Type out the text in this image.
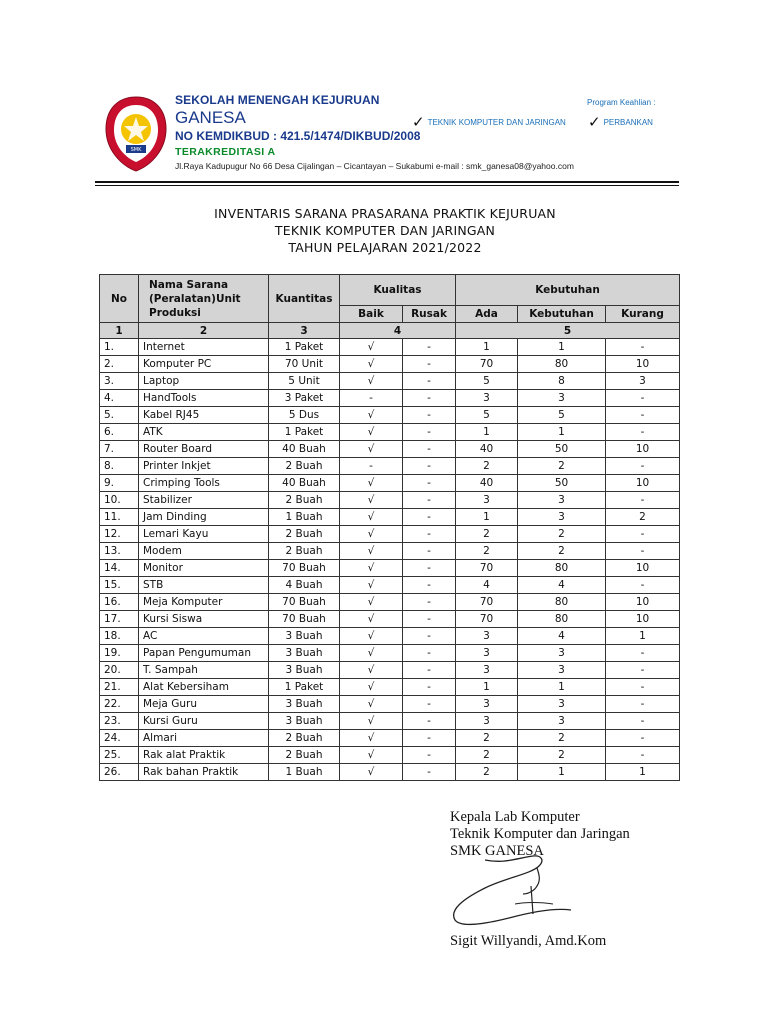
SMK
SEKOLAH MENENGAH KEJURUAN
GANESA
NO KEMDIKBUD : 421.5/1474/DIKBUD/2008
TERAKREDITASI A
Jl.Raya Kadupugur No 66 Desa Cijalingan – Cicantayan – Sukabumi e-mail : smk_ganesa08@yahoo.com
Program Keahlian :
✓ TEKNIK KOMPUTER DAN JARINGAN ✓ PERBANKAN
INVENTARIS SARANA PRASARANA PRAKTIK KEJURUAN
TEKNIK KOMPUTER DAN JARINGAN
TAHUN PELAJARAN 2021/2022
No	Nama Sarana (Peralatan)Unit Produksi	Kuantitas	Kualitas		Kebutuhan		
			Baik	Rusak	Ada	Kebutuhan	Kurang
1	2	3	4		5		
1.	Internet	1 Paket	√	-	1	1	-
2.	Komputer PC	70 Unit	√	-	70	80	10
3.	Laptop	5 Unit	√	-	5	8	3
4.	HandTools	3 Paket	-	-	3	3	-
5.	Kabel RJ45	5 Dus	√	-	5	5	-
6.	ATK	1 Paket	√	-	1	1	-
7.	Router Board	40 Buah	√	-	40	50	10
8.	Printer Inkjet	2 Buah	-	-	2	2	-
9.	Crimping Tools	40 Buah	√	-	40	50	10
10.	Stabilizer	2 Buah	√	-	3	3	-
11.	Jam Dinding	1 Buah	√	-	1	3	2
12.	Lemari Kayu	2 Buah	√	-	2	2	-
13.	Modem	2 Buah	√	-	2	2	-
14.	Monitor	70 Buah	√	-	70	80	10
15.	STB	4 Buah	√	-	4	4	-
16.	Meja Komputer	70 Buah	√	-	70	80	10
17.	Kursi Siswa	70 Buah	√	-	70	80	10
18.	AC	3 Buah	√	-	3	4	1
19.	Papan Pengumuman	3 Buah	√	-	3	3	-
20.	T. Sampah	3 Buah	√	-	3	3	-
21.	Alat Kebersiham	1 Paket	√	-	1	1	-
22.	Meja Guru	3 Buah	√	-	3	3	-
23.	Kursi Guru	3 Buah	√	-	3	3	-
24.	Almari	2 Buah	√	-	2	2	-
25.	Rak alat Praktik	2 Buah	√	-	2	2	-
26.	Rak bahan Praktik	1 Buah	√	-	2	1	1
Kepala Lab Komputer
Teknik Komputer dan Jaringan
SMK GANESA
Sigit Willyandi, Amd.Kom
